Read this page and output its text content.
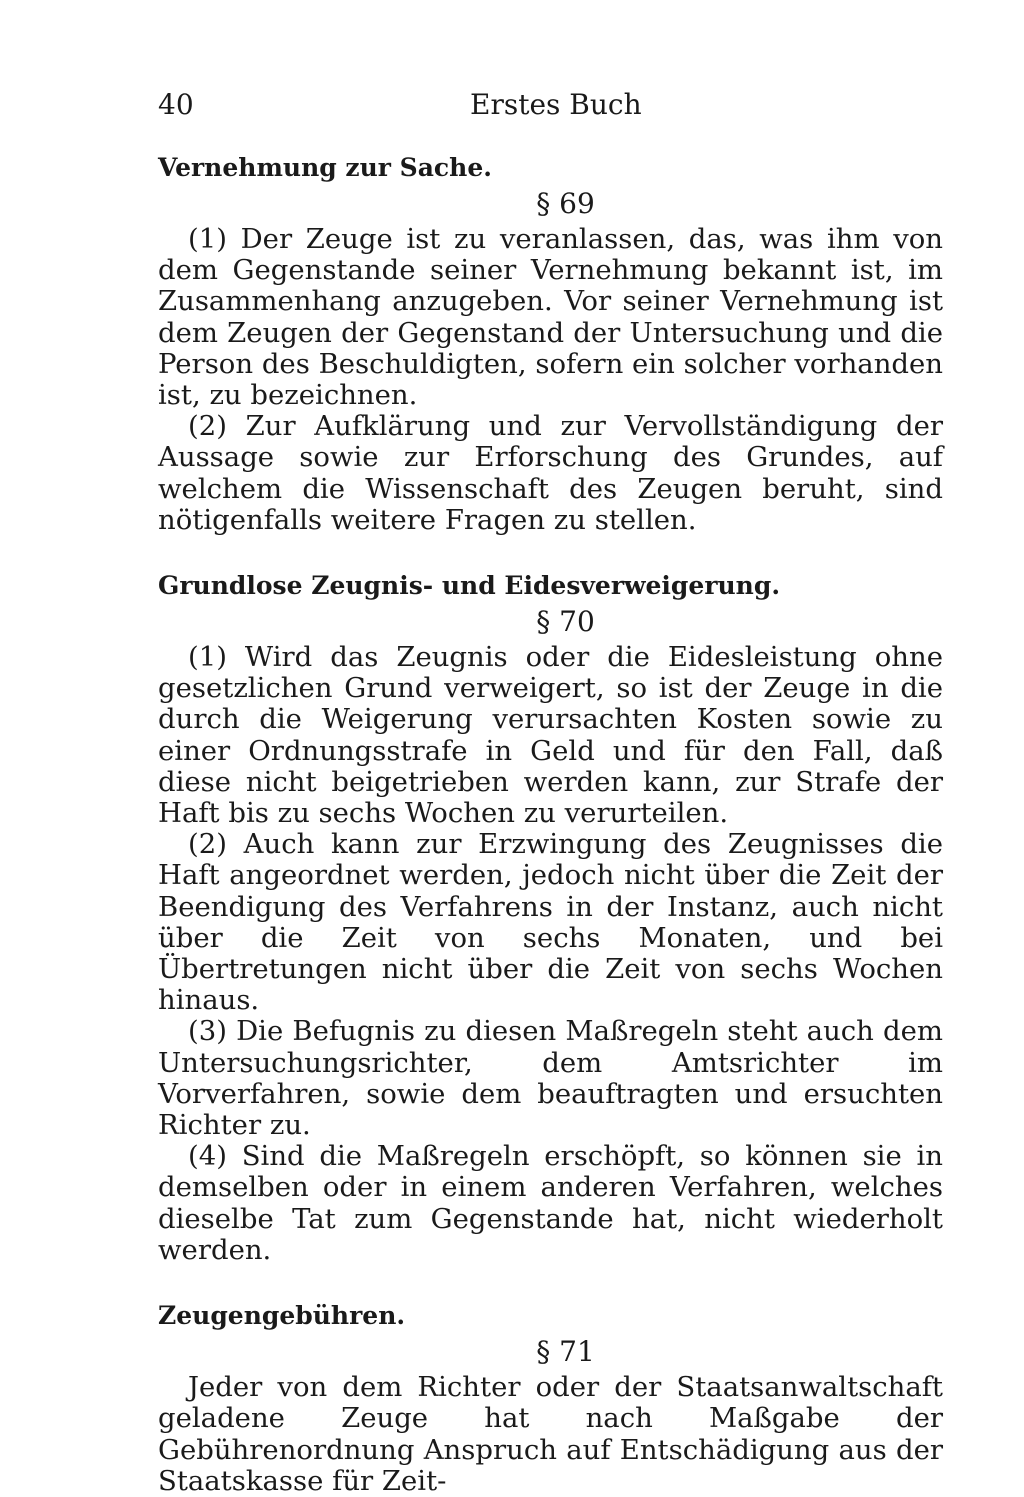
40	Erstes Buch
Vernehmung zur Sache.
§ 69

(1) Der Zeuge ist zu veranlassen, das, was ihm von dem Gegenstande seiner Vernehmung bekannt ist, im Zusammenhang anzugeben. Vor seiner Vernehmung ist dem Zeugen der Gegenstand der Untersuchung und die Person des Beschuldigten, sofern ein solcher vorhanden ist, zu bezeichnen.

(2) Zur Aufklärung und zur Vervollständigung der Aussage sowie zur Erforschung des Grundes, auf welchem die Wissenschaft des Zeugen beruht, sind nötigenfalls weitere Fragen zu stellen.

Grundlose Zeugnis- und Eidesverweigerung.
§ 70

(1) Wird das Zeugnis oder die Eidesleistung ohne gesetzlichen Grund verweigert, so ist der Zeuge in die durch die Weigerung verursachten Kosten sowie zu einer Ordnungsstrafe in Geld und für den Fall, daß diese nicht beigetrieben werden kann, zur Strafe der Haft bis zu sechs Wochen zu verurteilen.

(2) Auch kann zur Erzwingung des Zeugnisses die Haft angeordnet werden, jedoch nicht über die Zeit der Beendigung des Verfahrens in der Instanz, auch nicht über die Zeit von sechs Monaten, und bei Übertretungen nicht über die Zeit von sechs Wochen hinaus.

(3) Die Befugnis zu diesen Maßregeln steht auch dem Untersuchungsrichter, dem Amtsrichter im Vorverfahren, sowie dem beauftragten und ersuchten Richter zu.

(4) Sind die Maßregeln erschöpft, so können sie in demselben oder in einem anderen Verfahren, welches dieselbe Tat zum Gegenstande hat, nicht wiederholt werden.

Zeugengebühren.
§ 71

Jeder von dem Richter oder der Staatsanwaltschaft geladene Zeuge hat nach Maßgabe der Gebührenordnung Anspruch auf Entschädigung aus der Staatskasse für Zeit-
